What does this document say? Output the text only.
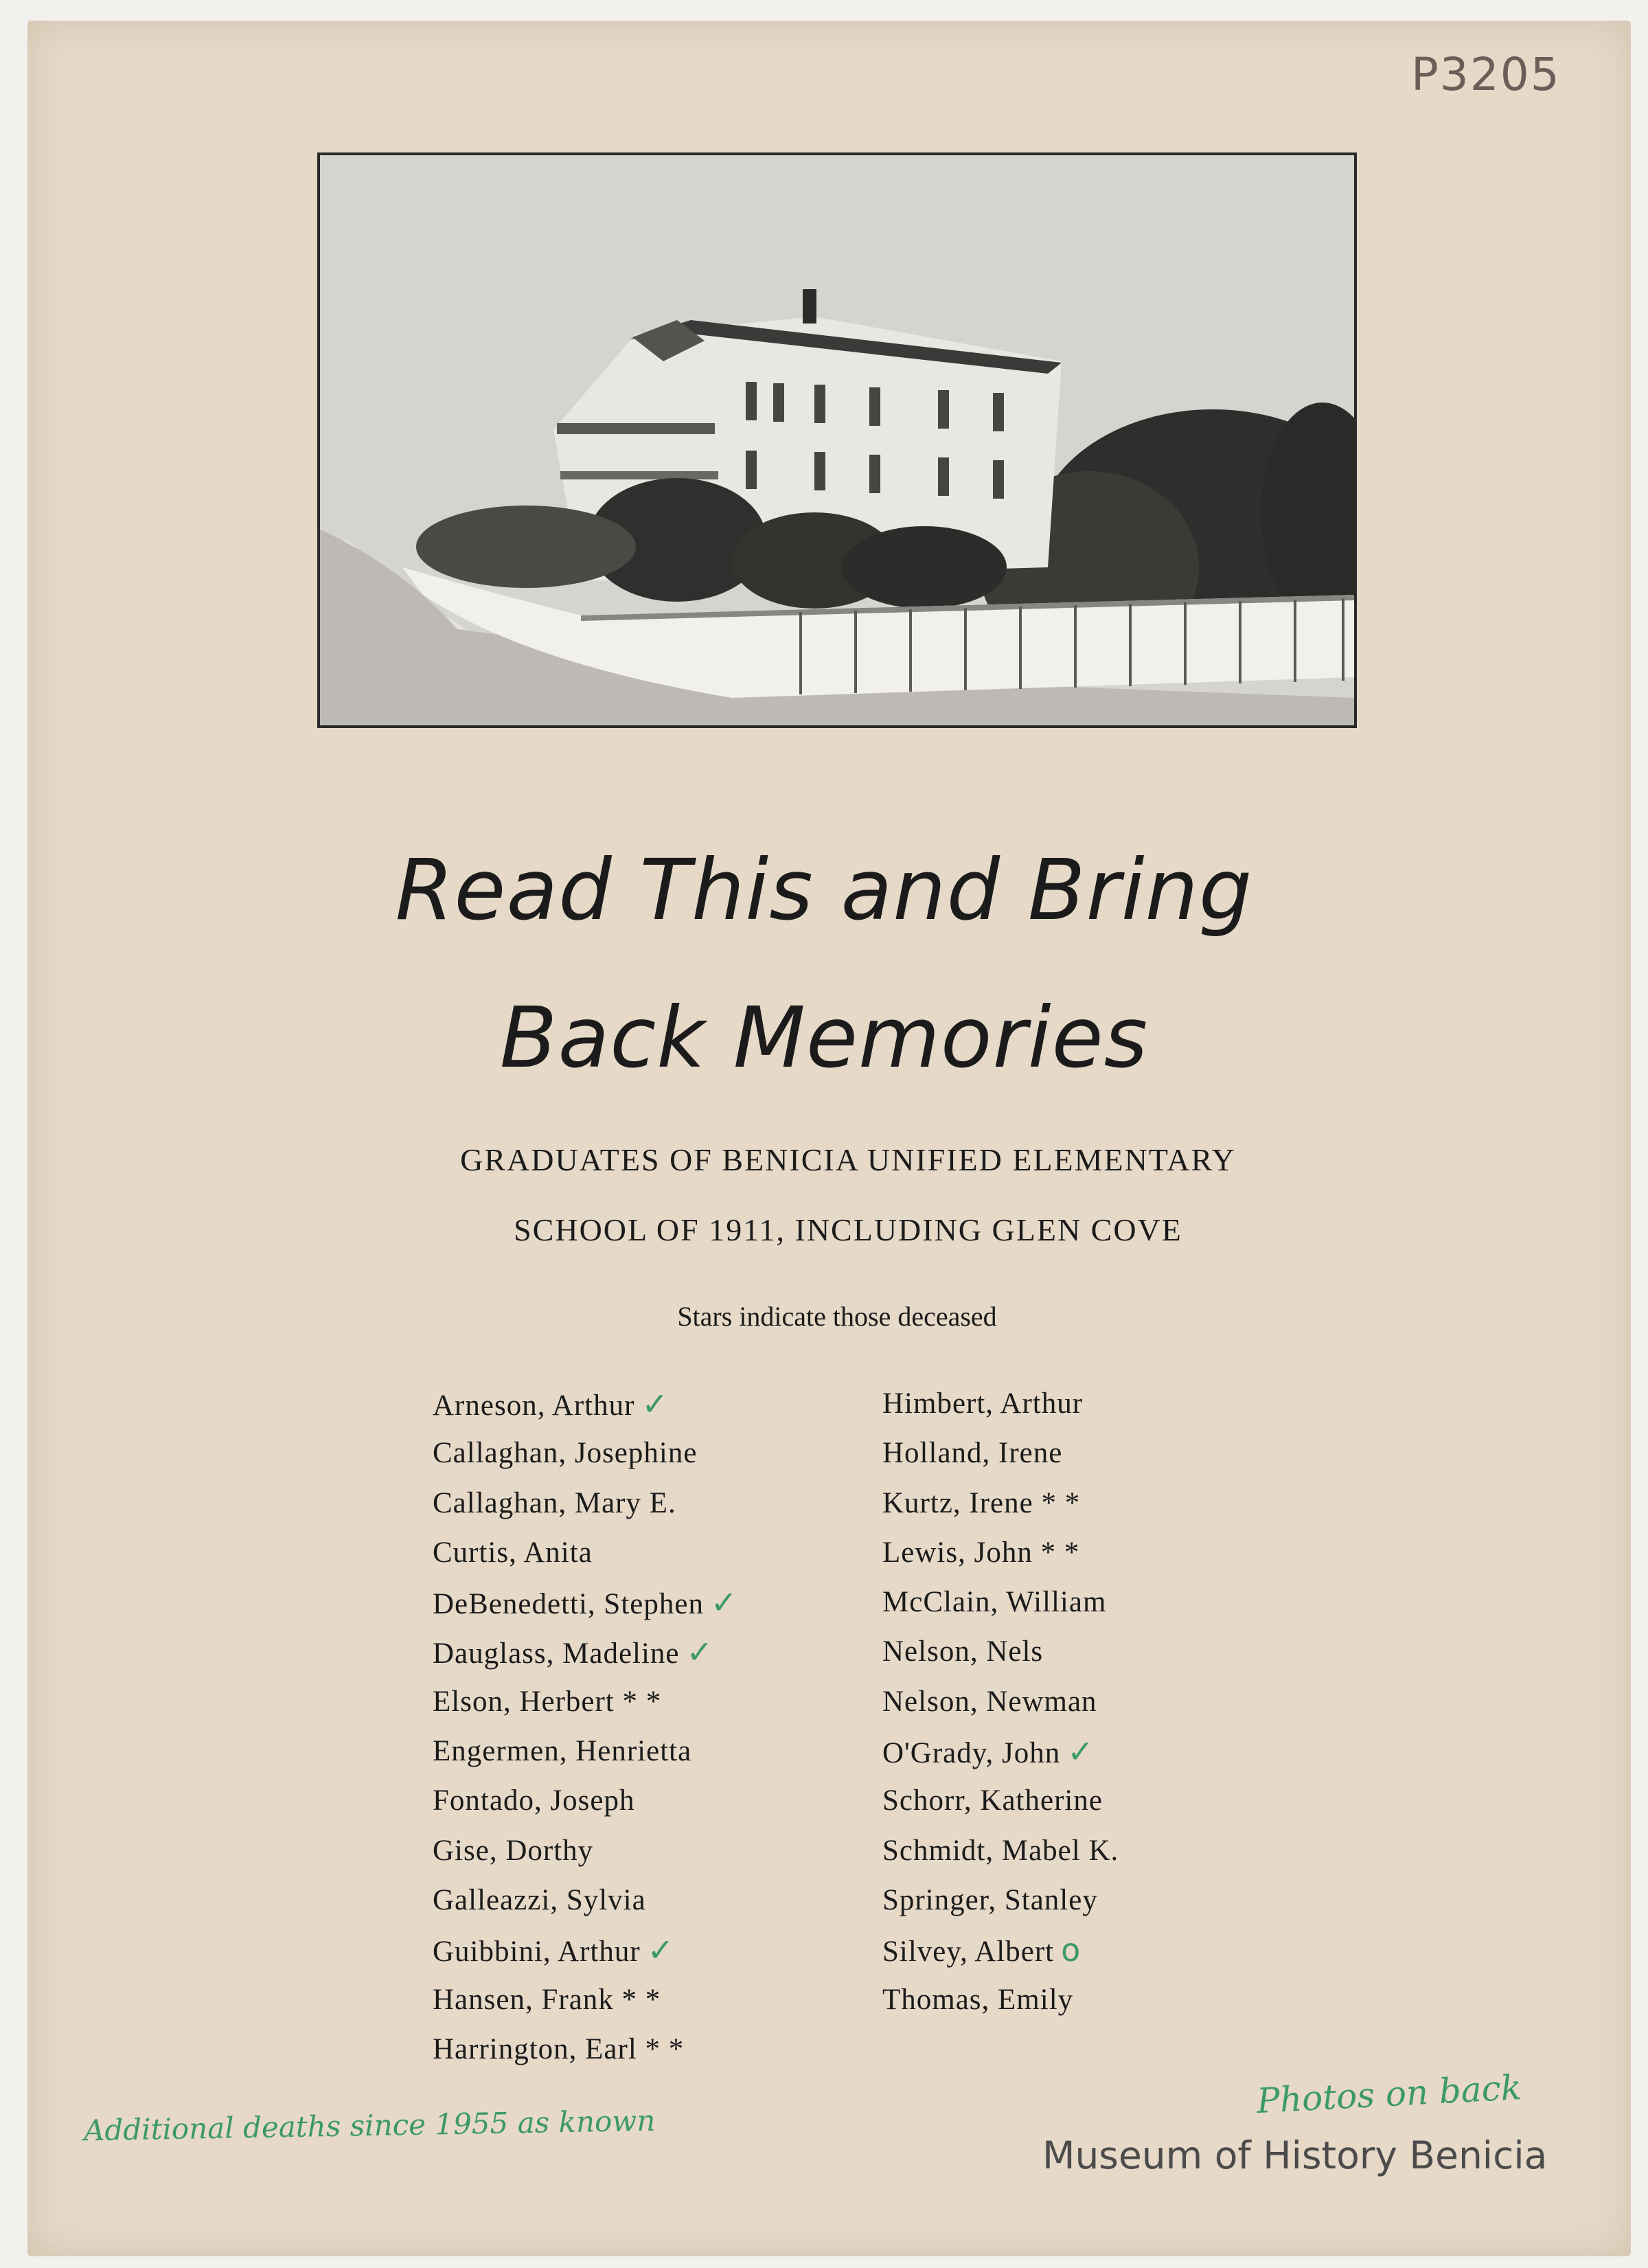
P3205
Read This and Bring
Back Memories
GRADUATES OF BENICIA UNIFIED ELEMENTARY
SCHOOL OF 1911, INCLUDING GLEN COVE
Stars indicate those deceased
Arneson, Arthur ✓
Callaghan, Josephine
Callaghan, Mary E.
Curtis, Anita
DeBenedetti, Stephen ✓
Dauglass, Madeline ✓
Elson, Herbert * *
Engermen, Henrietta
Fontado, Joseph
Gise, Dorthy
Galleazzi, Sylvia
Guibbini, Arthur ✓
Hansen, Frank * *
Harrington, Earl * *
Himbert, Arthur
Holland, Irene
Kurtz, Irene * *
Lewis, John * *
McClain, William
Nelson, Nels
Nelson, Newman
O'Grady, John ✓
Schorr, Katherine
Schmidt, Mabel K.
Springer, Stanley
Silvey, Albert o
Thomas, Emily
Additional deaths since 1955 as known
Photos on back
Museum of History Benicia
